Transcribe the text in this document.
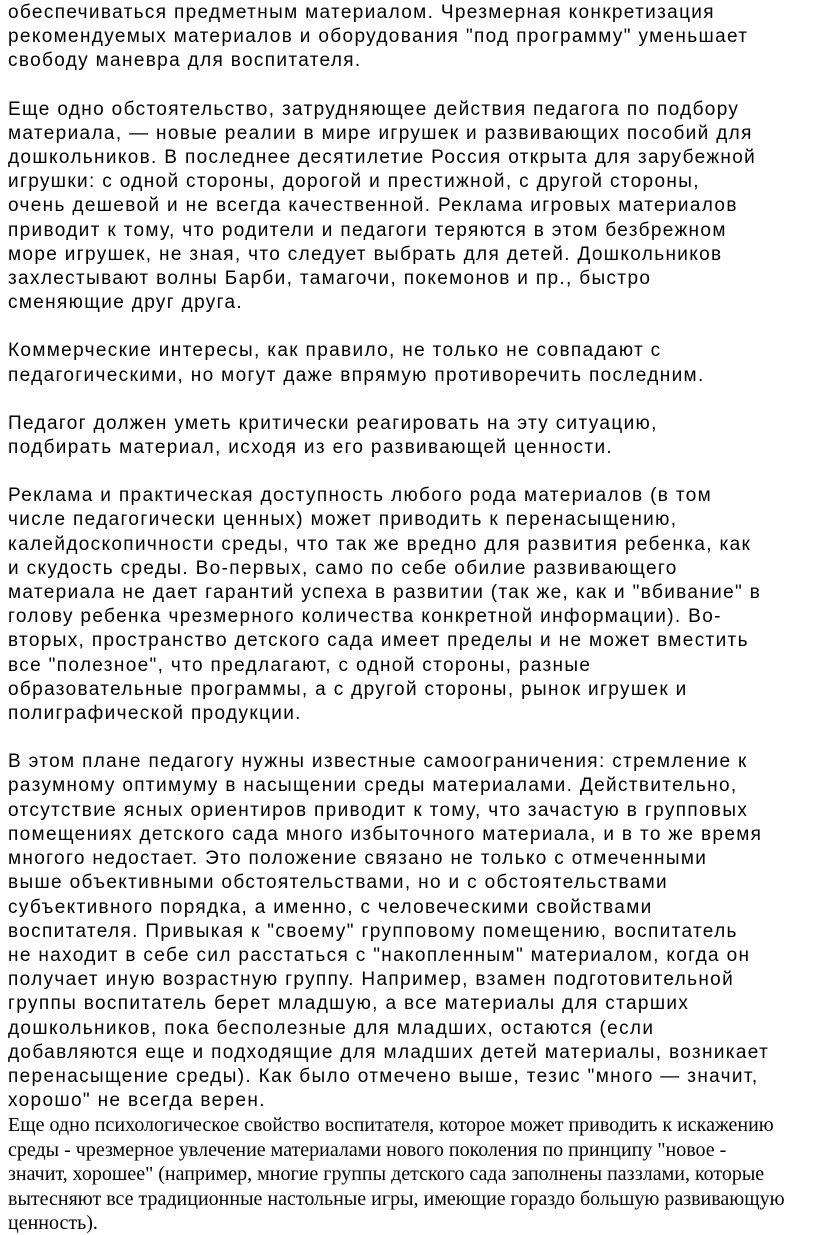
обеспечиваться предметным материалом. Чрезмерная конкретизация
рекомендуемых материалов и оборудования "под программу" уменьшает
свободу маневра для воспитателя.

Еще одно обстоятельство, затрудняющее действия педагога по подбору
материала, — новые реалии в мире игрушек и развивающих пособий для
дошкольников. В последнее десятилетие Россия открыта для зарубежной
игрушки: с одной стороны, дорогой и престижной, с другой стороны,
очень дешевой и не всегда качественной. Реклама игровых материалов
приводит к тому, что родители и педагоги теряются в этом безбрежном
море игрушек, не зная, что следует выбрать для детей. Дошкольников
захлестывают волны Барби, тамагочи, покемонов и пр., быстро
сменяющие друг друга.

Коммерческие интересы, как правило, не только не совпадают с
педагогическими, но могут даже впрямую противоречить последним.

Педагог должен уметь критически реагировать на эту ситуацию,
подбирать материал, исходя из его развивающей ценности.

Реклама и практическая доступность любого рода материалов (в том
числе педагогически ценных) может приводить к перенасыщению,
калейдоскопичности среды, что так же вредно для развития ребенка, как
и скудость среды. Во-первых, само по себе обилие развивающего
материала не дает гарантий успеха в развитии (так же, как и "вбивание" в
голову ребенка чрезмерного количества конкретной информации). Во-
вторых, пространство детского сада имеет пределы и не может вместить
все "полезное", что предлагают, с одной стороны, разные
образовательные программы, а с другой стороны, рынок игрушек и
полиграфической продукции.

В этом плане педагогу нужны известные самоограничения: стремление к
разумному оптимуму в насыщении среды материалами. Действительно,
отсутствие ясных ориентиров приводит к тому, что зачастую в групповых
помещениях детского сада много избыточного материала, и в то же время
многого недостает. Это положение связано не только с отмеченными
выше объективными обстоятельствами, но и с обстоятельствами
субъективного порядка, а именно, с человеческими свойствами
воспитателя. Привыкая к "своему" групповому помещению, воспитатель
не находит в себе сил расстаться с "накопленным" материалом, когда он
получает иную возрастную группу. Например, взамен подготовительной
группы воспитатель берет младшую, а все материалы для старших
дошкольников, пока бесполезные для младших, остаются (если
добавляются еще и подходящие для младших детей материалы, возникает
перенасыщение среды). Как было отмечено выше, тезис "много — значит,
хорошо" не всегда верен.

Еще одно психологическое свойство воспитателя, которое может приводить к искажению
среды - чрезмерное увлечение материалами нового поколения по принципу "новое -
значит, хорошее" (например, многие группы детского сада заполнены паззлами, которые
вытесняют все традиционные настольные игры, имеющие гораздо большую развивающую
ценность).
